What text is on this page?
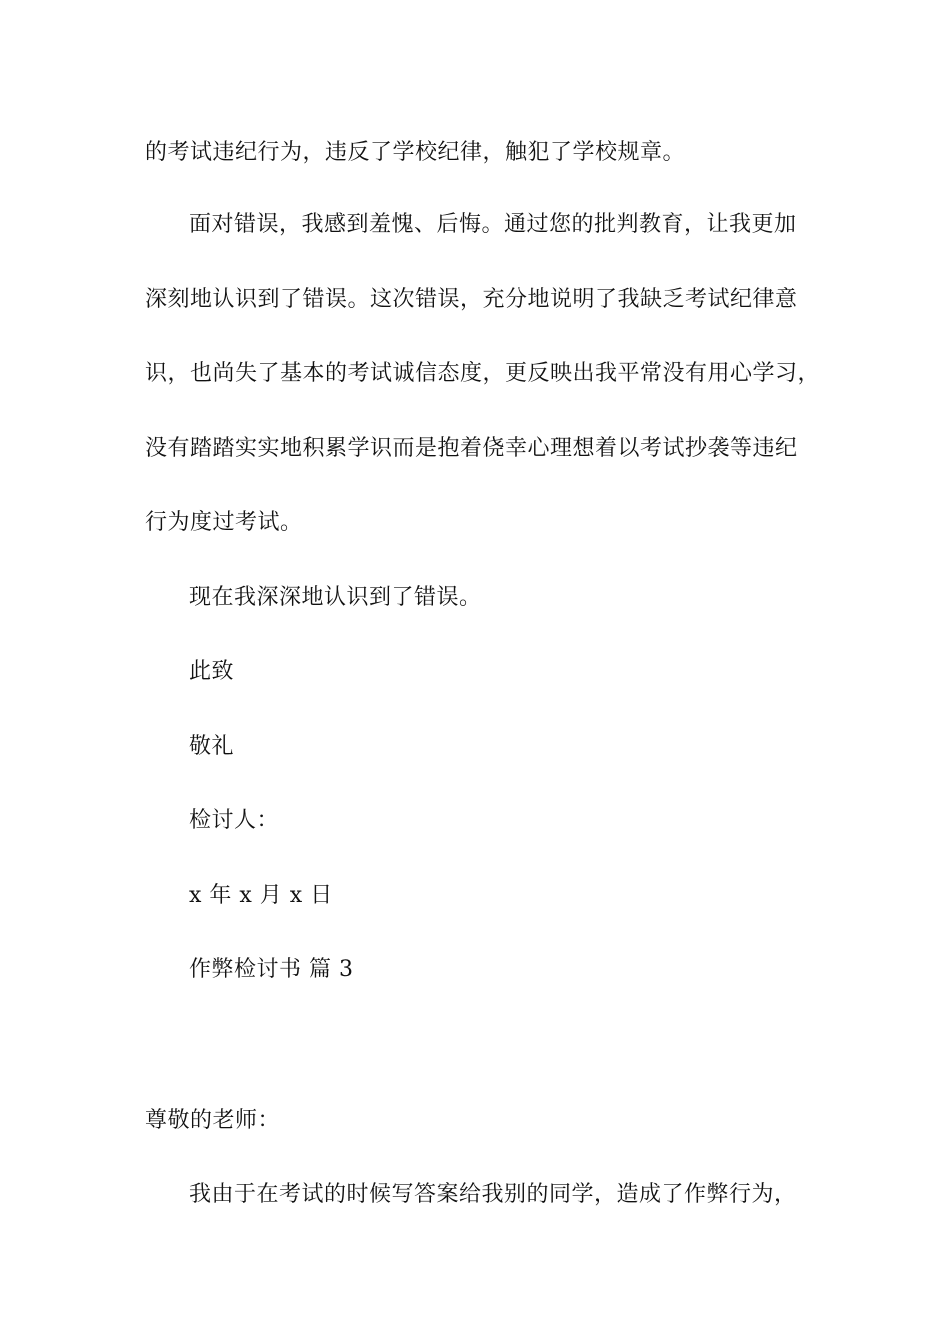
的考试违纪行为，违反了学校纪律，触犯了学校规章。
面对错误，我感到羞愧、后悔。通过您的批判教育，让我更加
深刻地认识到了错误。这次错误，充分地说明了我缺乏考试纪律意
识，也尚失了基本的考试诚信态度，更反映出我平常没有用心学习，
没有踏踏实实地积累学识而是抱着侥幸心理想着以考试抄袭等违纪
行为度过考试。
现在我深深地认识到了错误。
此致
敬礼
检讨人：
x 年 x 月 x 日
作弊检讨书 篇 3
尊敬的老师：
我由于在考试的时候写答案给我别的同学，造成了作弊行为，
